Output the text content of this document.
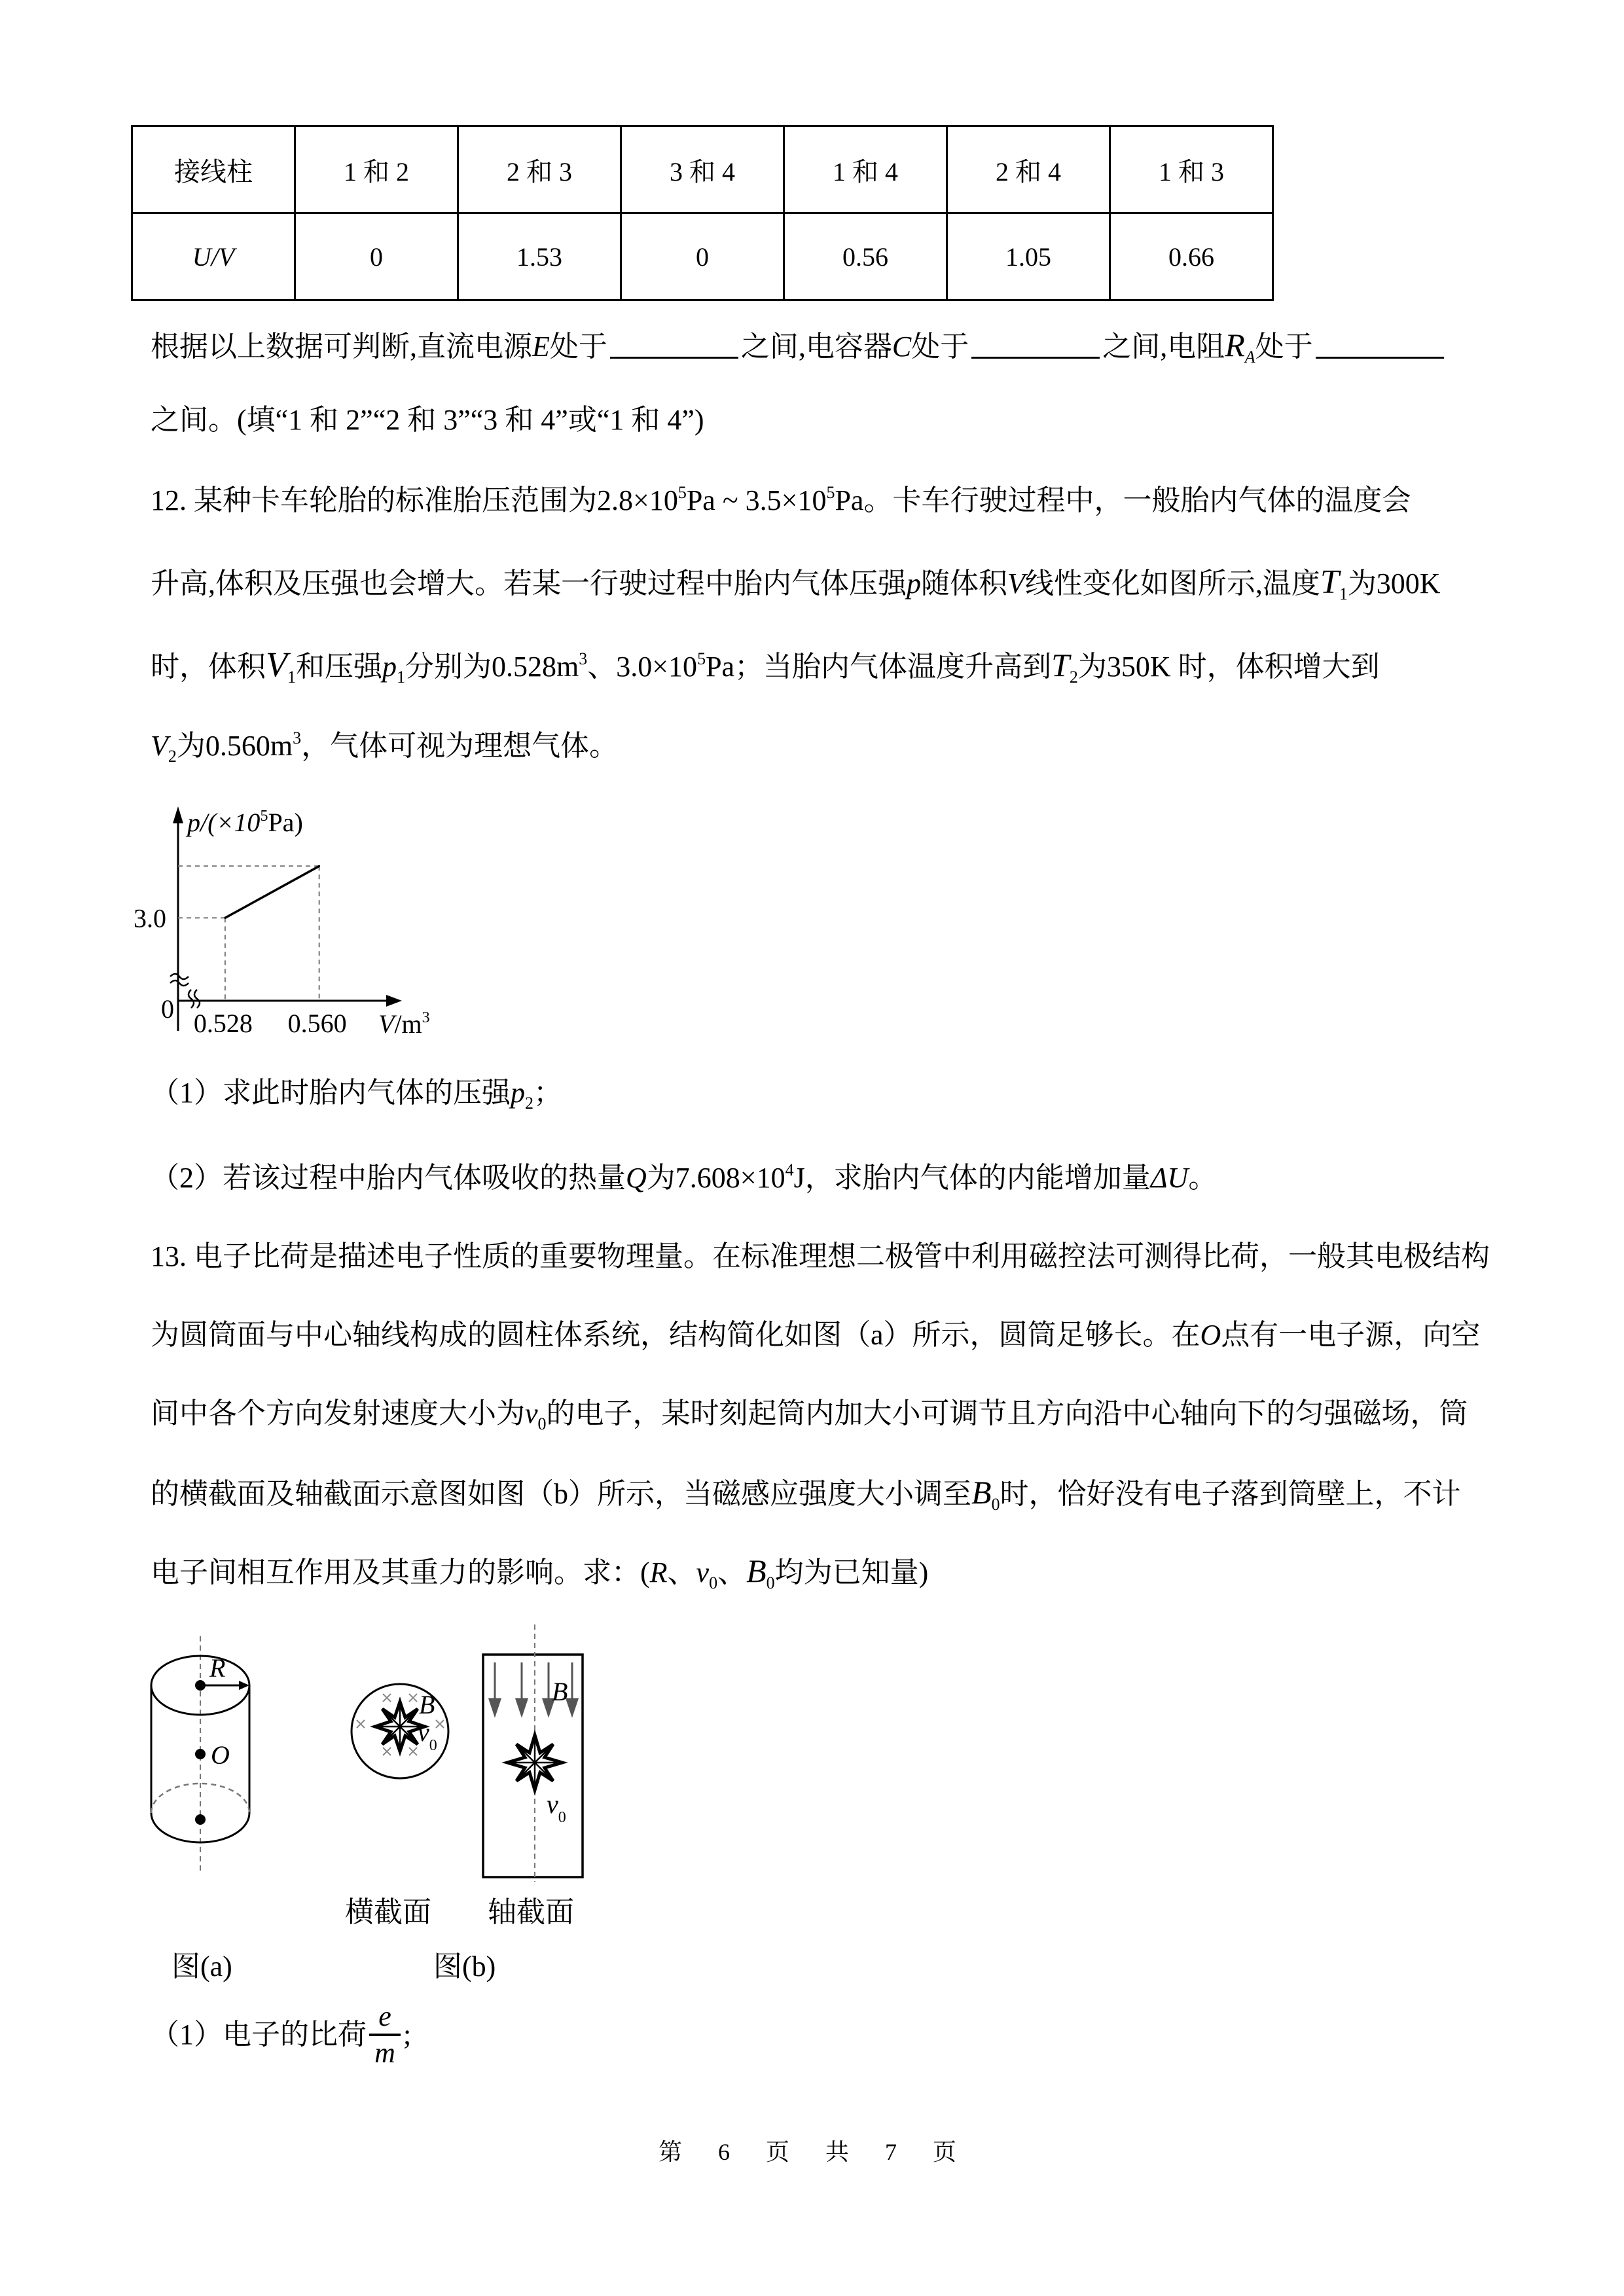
接线柱	1 和 2	2 和 3	3 和 4	1 和 4	2 和 4	1 和 3
U/V	0	1.53	0	0.56	1.05	0.66
根据以上数据可判断,直流电源E处于	之间,电容器C处于	之间,电阻$R_A$处于
之间。(填“1 和 2”“2 和 3”“3 和 4”或“1 和 4”)
12. 某种卡车轮胎的标准胎压范围为$2.8\times 10^5Pa$ ~ $3.5\times 10^5Pa$。卡车行驶过程中，一般胎内气体的温度会
升高,体积及压强也会增大。若某一行驶过程中胎内气体压强p随体积V线性变化如图所示,温度$T_1$为300K
时，体积$V_1$和压强$p_1$分别为$0.528m^3$、$3.0\times 10^5Pa$；当胎内气体温度升高到$T_2$为350K 时，体积增大到
$V_2$为$0.560m^3$，气体可视为理想气体。
$p/(\times 10^5Pa)$
0
$V/m^3$
0.528 0.560
3.0
（1）求此时胎内气体的压强$p_2$；
（2）若该过程中胎内气体吸收的热量Q为$7.608\times 10^4J$，求胎内气体的内能增加量ΔU。
13. 电子比荷是描述电子性质的重要物理量。在标准理想二极管中利用磁控法可测得比荷，一般其电极结构
为圆筒面与中心轴线构成的圆柱体系统，结构简化如图（a）所示，圆筒足够长。在O点有一电子源，向空
间中各个方向发射速度大小为$v_0$的电子，某时刻起筒内加大小可调节且方向沿中心轴向下的匀强磁场，筒
的横截面及轴截面示意图如图（b）所示，当磁感应强度大小调至$B_0$时，恰好没有电子落到筒壁上，不计
电子间相互作用及其重力的影响。求：(R、$v_0$、$B_0$均为已知量)
R
O
B
$v_0$
B
$v_0$
横截面 轴截面
图(a)	图(b)
（1）电子的比荷 $\frac{e}{m}$ ;
第 6 页 共 7 页
